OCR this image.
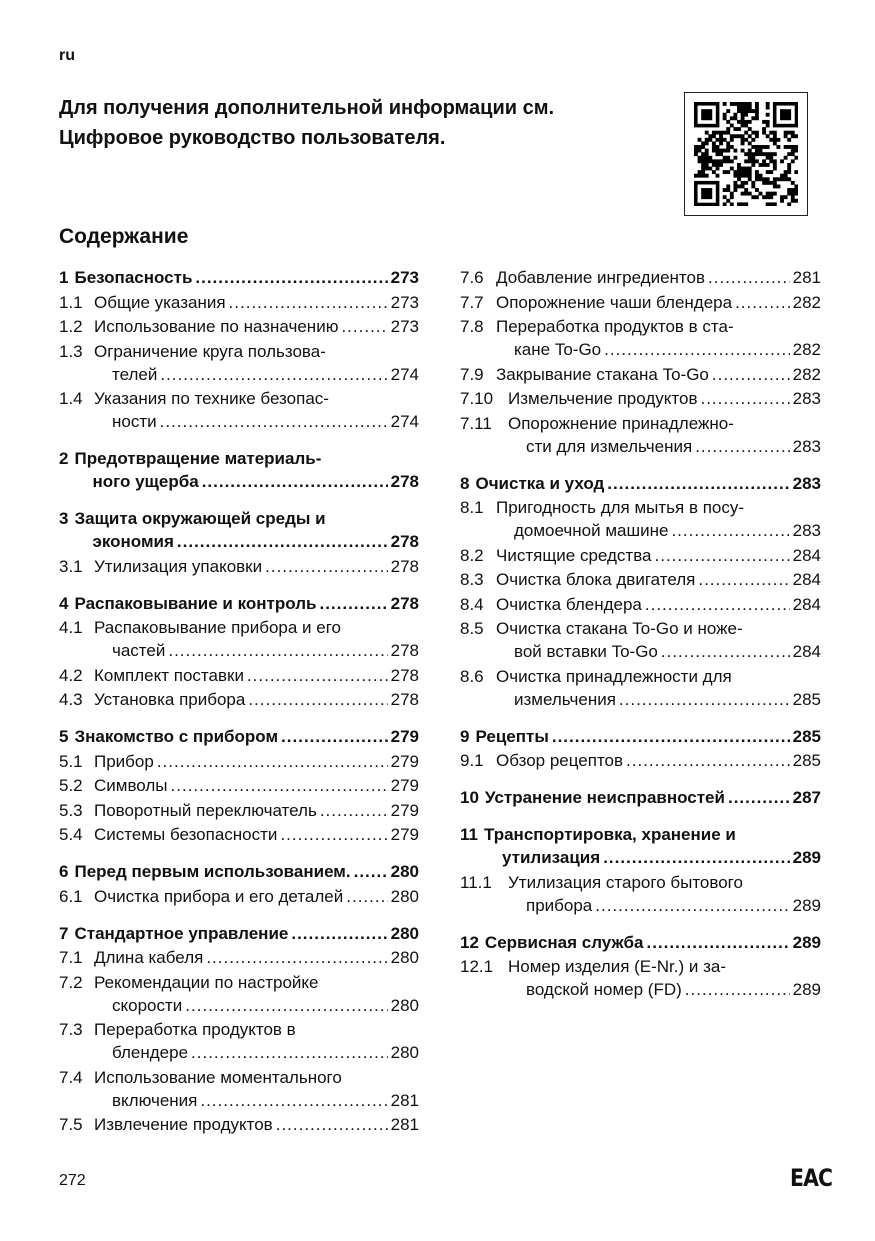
ru
Для получения дополнительной информации см.
Цифровое руководство пользователя.
Содержание
1 Безопасность .....	273
1.1 Общие указания .....	273
1.2 Использование по назначению .....	273
1.3 Ограничение круга пользова-
телей .....	274
1.4 Указания по технике безопас-
ности .....	274
2 Предотвращение материаль-
ного ущерба .....	278
3 Защита окружающей среды и
экономия .....	278
3.1 Утилизация упаковки .....	278
4 Распаковывание и контроль .....	278
4.1 Распаковывание прибора и его
частей .....	278
4.2 Комплект поставки .....	278
4.3 Установка прибора .....	278
5 Знакомство с прибором .....	279
5.1 Прибор .....	279
5.2 Символы .....	279
5.3 Поворотный переключатель .....	279
5.4 Системы безопасности .....	279
6 Перед первым использованием. ..... 280
6.1 Очистка прибора и его деталей .....	280
7 Стандартное управление .....	280
7.1 Длина кабеля .....	280
7.2 Рекомендации по настройке
скорости .....	280
7.3 Переработка продуктов в
блендере .....	280
7.4 Использование моментального
включения .....	281
7.5 Извлечение продуктов .....	281
7.6 Добавление ингредиентов .....	281
7.7 Опорожнение чаши блендера .....	282
7.8 Переработка продуктов в ста-
кане To-Go .....	282
7.9 Закрывание стакана To-Go .....	282
7.10 Измельчение продуктов .....	283
7.11 Опорожнение принадлежно-
сти для измельчения .....	283
8 Очистка и уход .....	283
8.1 Пригодность для мытья в посу-
домоечной машине .....	283
8.2 Чистящие средства .....	284
8.3 Очистка блока двигателя .....	284
8.4 Очистка блендера .....	284
8.5 Очистка стакана To-Go и ноже-
вой вставки To-Go .....	284
8.6 Очистка принадлежности для
измельчения .....	285
9 Рецепты .....	285
9.1 Обзор рецептов .....	285
10 Устранение неисправностей .....	287
11 Транспортировка, хранение и
утилизация .....	289
11.1 Утилизация старого бытового
прибора .....	289
12 Сервисная служба .....	289
12.1 Номер изделия (E-Nr.) и за-
водской номер (FD) .....	289
272	EAC
